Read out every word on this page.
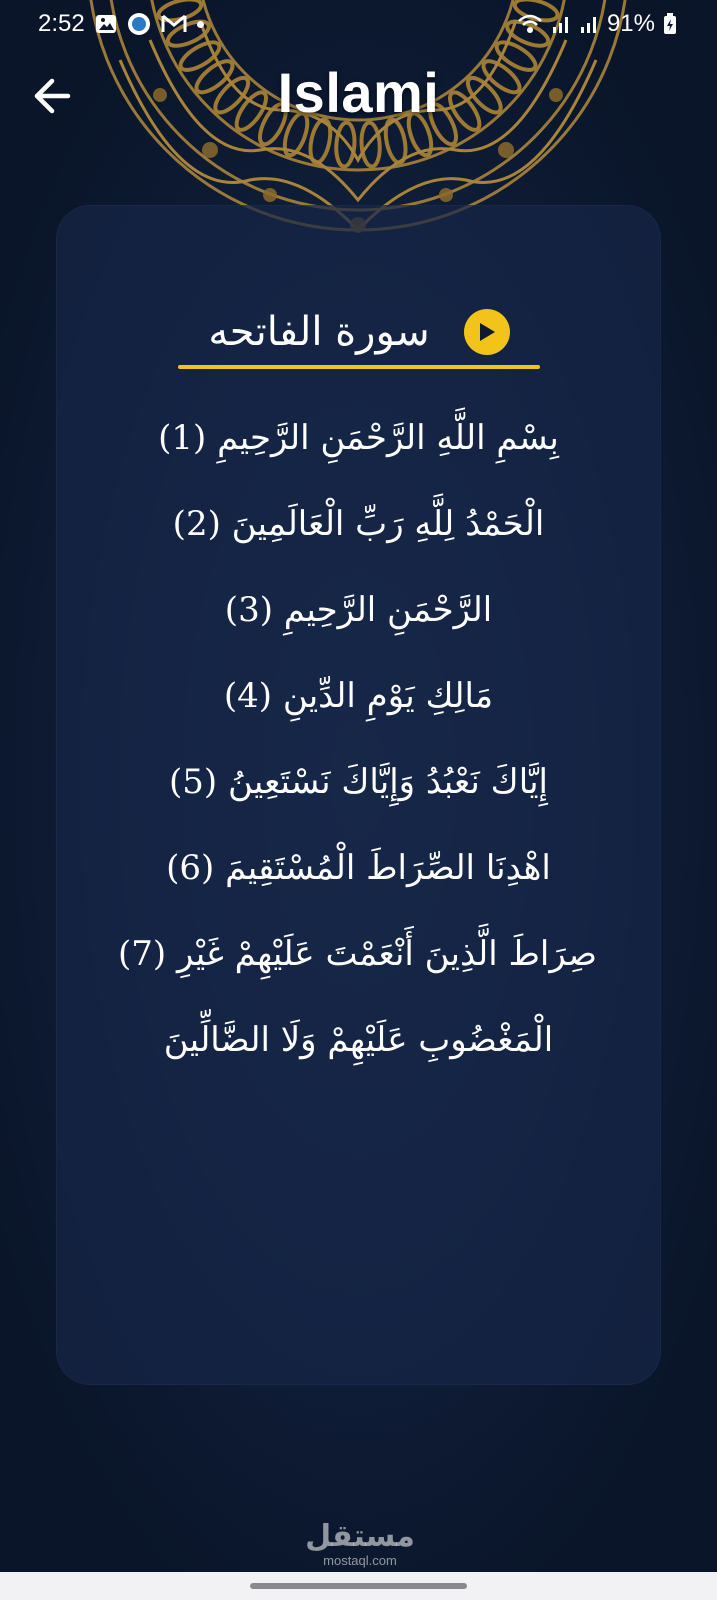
2:52	91%
Islami
سورة الفاتحه
بِسْمِ اللَّهِ الرَّحْمَنِ الرَّحِيمِ (1)
الْحَمْدُ لِلَّهِ رَبِّ الْعَالَمِينَ (2)
الرَّحْمَنِ الرَّحِيمِ (3)
مَالِكِ يَوْمِ الدِّينِ (4)
إِيَّاكَ نَعْبُدُ وَإِيَّاكَ نَسْتَعِينُ (5)
اهْدِنَا الصِّرَاطَ الْمُسْتَقِيمَ (6)
صِرَاطَ الَّذِينَ أَنْعَمْتَ عَلَيْهِمْ غَيْرِ (7)
الْمَغْضُوبِ عَلَيْهِمْ وَلَا الضَّالِّينَ
مستقل
mostaql.com
